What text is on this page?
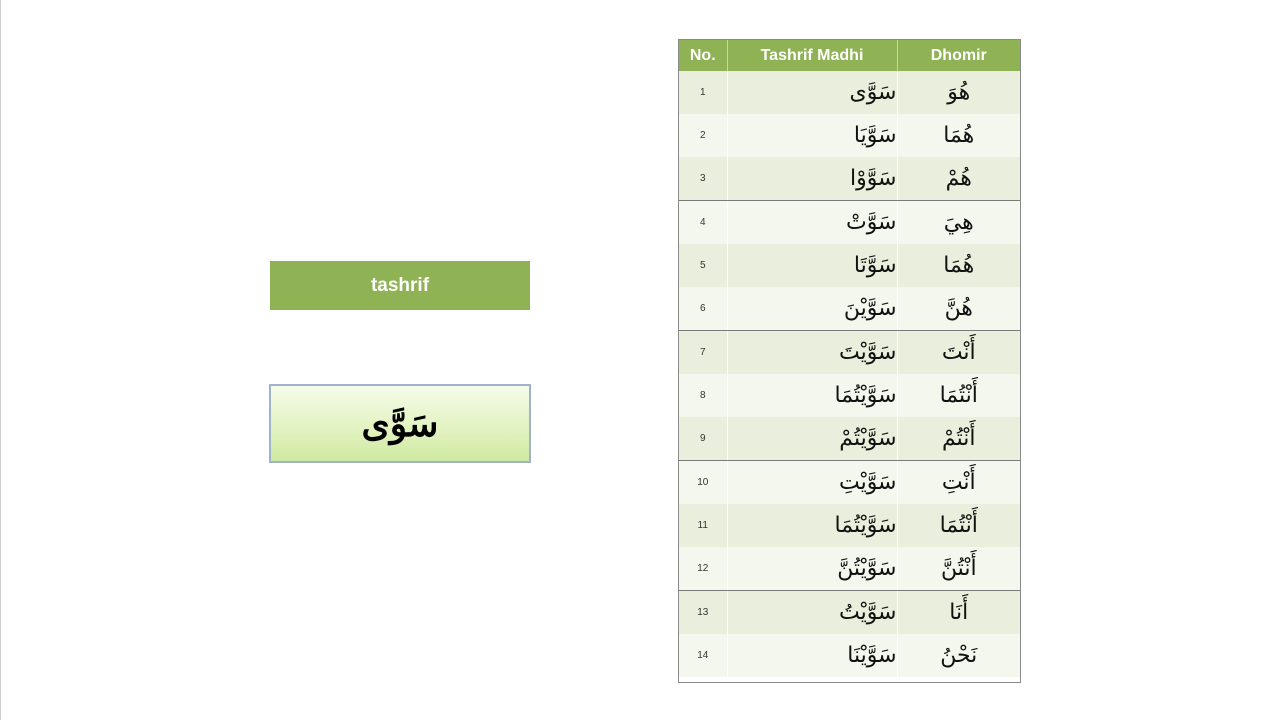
tashrif
سَوَّى
No.	Tashrif Madhi	Dhomir
1	سَوَّى	هُوَ
2	سَوَّيَا	هُمَا
3	سَوَّوْا	هُمْ
4	سَوَّتْ	هِيَ
5	سَوَّتَا	هُمَا
6	سَوَّيْنَ	هُنَّ
7	سَوَّيْتَ	أَنْتَ
8	سَوَّيْتُمَا	أَنْتُمَا
9	سَوَّيْتُمْ	أَنْتُمْ
10	سَوَّيْتِ	أَنْتِ
11	سَوَّيْتُمَا	أَنْتُمَا
12	سَوَّيْتُنَّ	أَنْتُنَّ
13	سَوَّيْتُ	أَنَا
14	سَوَّيْنَا	نَحْنُ
